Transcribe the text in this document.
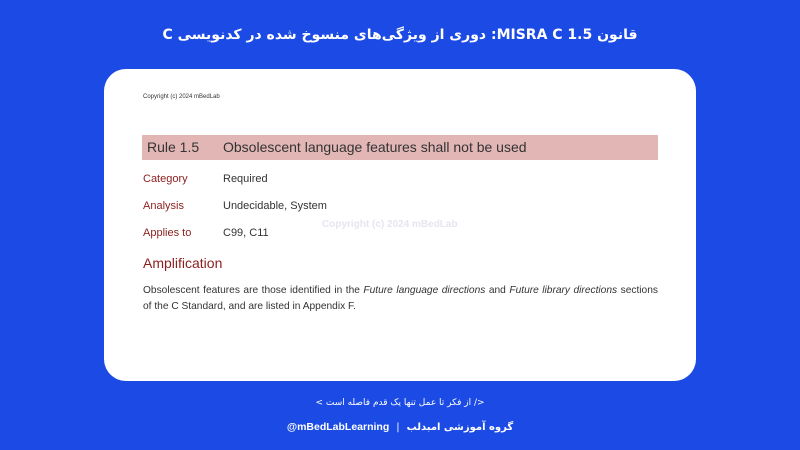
قانون MISRA C 1.5: دوری از ویژگی‌های منسوخ شده در کدنویسی C
Copyright (c) 2024 mBedLab
Rule 1.5 Obsolescent language features shall not be used
Category	Required
Analysis	Undecidable, System
Applies to	C99, C11
Copyright (c) 2024 mBedLab
Amplification
Obsolescent features are those identified in the Future language directions and Future library directions sections of the C Standard, and are listed in Appendix F.
</ از فکر تا عمل تنها یک قدم فاصله است >
@mBedLabLearning | گروه آموزشی امبدلب
